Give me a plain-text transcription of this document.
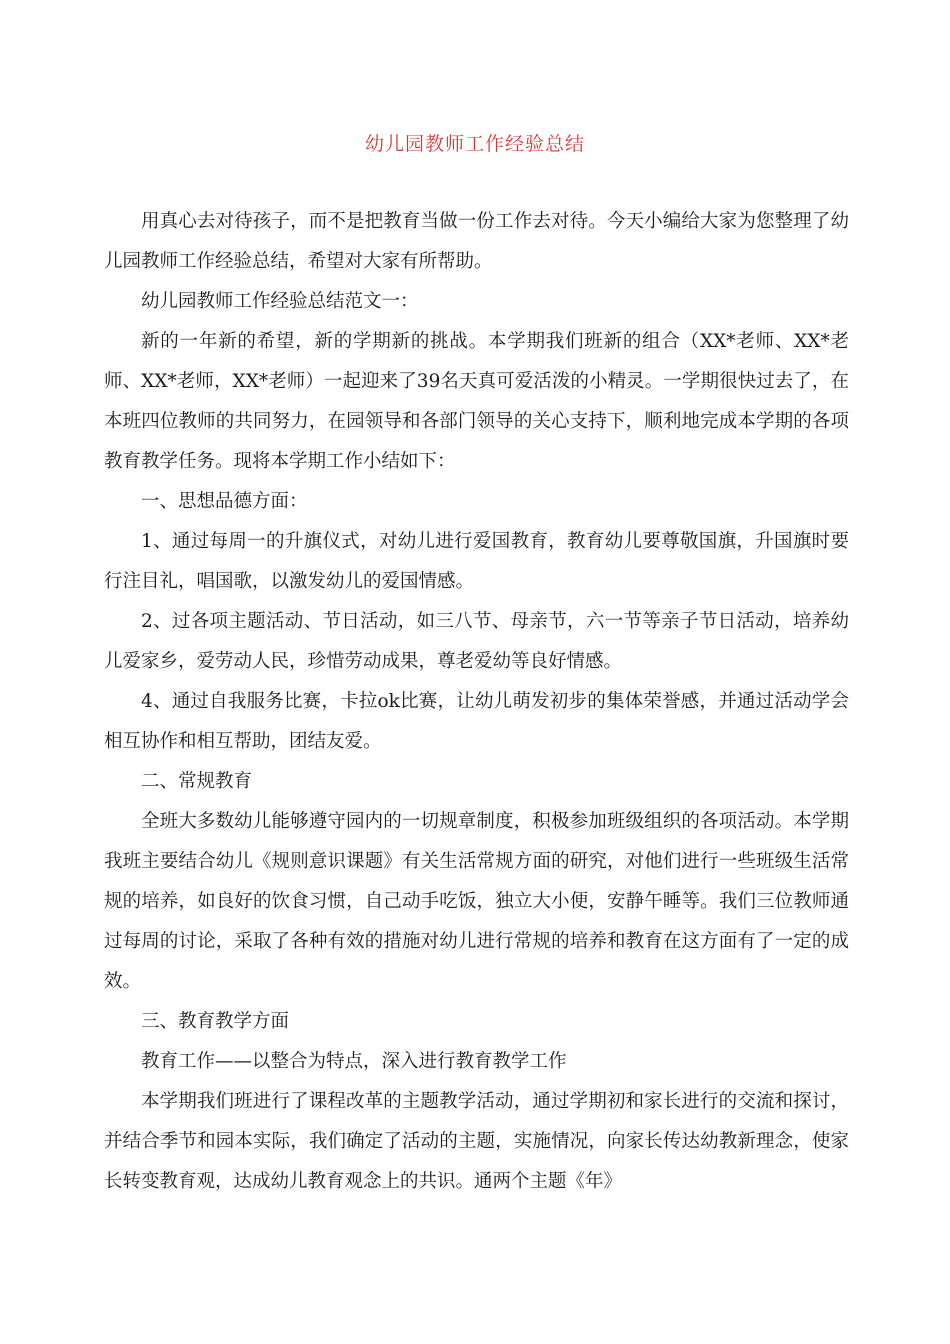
幼儿园教师工作经验总结

用真心去对待孩子，而不是把教育当做一份工作去对待。今天小编给大家为您整理了幼儿园教师工作经验总结，希望对大家有所帮助。

幼儿园教师工作经验总结范文一：

新的一年新的希望，新的学期新的挑战。本学期我们班新的组合（XX*老师、XX*老师、XX*老师，XX*老师）一起迎来了39名天真可爱活泼的小精灵。一学期很快过去了，在本班四位教师的共同努力，在园领导和各部门领导的关心支持下，顺利地完成本学期的各项教育教学任务。现将本学期工作小结如下：

一、思想品德方面：

1、通过每周一的升旗仪式，对幼儿进行爱国教育，教育幼儿要尊敬国旗，升国旗时要行注目礼，唱国歌，以激发幼儿的爱国情感。

2、过各项主题活动、节日活动，如三八节、母亲节，六一节等亲子节日活动，培养幼儿爱家乡，爱劳动人民，珍惜劳动成果，尊老爱幼等良好情感。

4、通过自我服务比赛，卡拉ok比赛，让幼儿萌发初步的集体荣誉感，并通过活动学会相互协作和相互帮助，团结友爱。

二、常规教育

全班大多数幼儿能够遵守园内的一切规章制度，积极参加班级组织的各项活动。本学期我班主要结合幼儿《规则意识课题》有关生活常规方面的研究，对他们进行一些班级生活常规的培养，如良好的饮食习惯，自己动手吃饭，独立大小便，安静午睡等。我们三位教师通过每周的讨论，采取了各种有效的措施对幼儿进行常规的培养和教育在这方面有了一定的成效。

三、教育教学方面

教育工作——以整合为特点，深入进行教育教学工作

本学期我们班进行了课程改革的主题教学活动，通过学期初和家长进行的交流和探讨，并结合季节和园本实际，我们确定了活动的主题，实施情况，向家长传达幼教新理念，使家长转变教育观，达成幼儿教育观念上的共识。通两个主题《年》
